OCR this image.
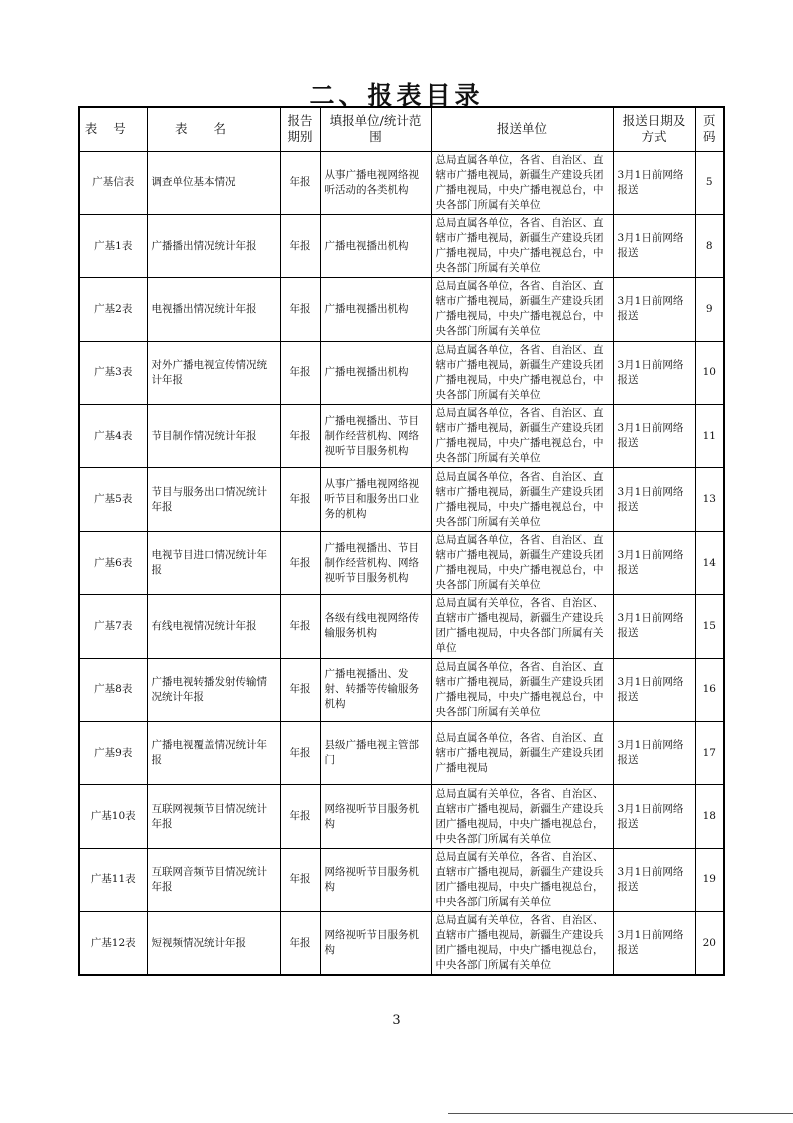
二、报表目录
表号	表名	报告期别	填报单位/统计范围	报送单位	报送日期及方式	页码
广基信表	调查单位基本情况	年报	从事广播电视网络视听活动的各类机构	总局直属各单位，各省、自治区、直辖市广播电视局，新疆生产建设兵团广播电视局，中央广播电视总台，中央各部门所属有关单位	3月1日前网络报送	5
广基1表	广播播出情况统计年报	年报	广播电视播出机构	总局直属各单位，各省、自治区、直辖市广播电视局，新疆生产建设兵团广播电视局，中央广播电视总台，中央各部门所属有关单位	3月1日前网络报送	8
广基2表	电视播出情况统计年报	年报	广播电视播出机构	总局直属各单位，各省、自治区、直辖市广播电视局，新疆生产建设兵团广播电视局，中央广播电视总台，中央各部门所属有关单位	3月1日前网络报送	9
广基3表	对外广播电视宣传情况统计年报	年报	广播电视播出机构	总局直属各单位，各省、自治区、直辖市广播电视局，新疆生产建设兵团广播电视局，中央广播电视总台，中央各部门所属有关单位	3月1日前网络报送	10
广基4表	节目制作情况统计年报	年报	广播电视播出、节目制作经营机构、网络视听节目服务机构	总局直属各单位，各省、自治区、直辖市广播电视局，新疆生产建设兵团广播电视局，中央广播电视总台，中央各部门所属有关单位	3月1日前网络报送	11
广基5表	节目与服务出口情况统计年报	年报	从事广播电视网络视听节目和服务出口业务的机构	总局直属各单位，各省、自治区、直辖市广播电视局，新疆生产建设兵团广播电视局，中央广播电视总台，中央各部门所属有关单位	3月1日前网络报送	13
广基6表	电视节目进口情况统计年报	年报	广播电视播出、节目制作经营机构、网络视听节目服务机构	总局直属各单位，各省、自治区、直辖市广播电视局，新疆生产建设兵团广播电视局，中央广播电视总台，中央各部门所属有关单位	3月1日前网络报送	14
广基7表	有线电视情况统计年报	年报	各级有线电视网络传输服务机构	总局直属有关单位，各省、自治区、直辖市广播电视局，新疆生产建设兵团广播电视局，中央各部门所属有关单位	3月1日前网络报送	15
广基8表	广播电视转播发射传输情况统计年报	年报	广播电视播出、发射、转播等传输服务机构	总局直属各单位，各省、自治区、直辖市广播电视局，新疆生产建设兵团广播电视局，中央广播电视总台，中央各部门所属有关单位	3月1日前网络报送	16
广基9表	广播电视覆盖情况统计年报	年报	县级广播电视主管部门	总局直属各单位，各省、自治区、直辖市广播电视局，新疆生产建设兵团广播电视局	3月1日前网络报送	17
广基10表	互联网视频节目情况统计年报	年报	网络视听节目服务机构	总局直属有关单位，各省、自治区、直辖市广播电视局，新疆生产建设兵团广播电视局，中央广播电视总台，中央各部门所属有关单位	3月1日前网络报送	18
广基11表	互联网音频节目情况统计年报	年报	网络视听节目服务机构	总局直属有关单位，各省、自治区、直辖市广播电视局，新疆生产建设兵团广播电视局，中央广播电视总台，中央各部门所属有关单位	3月1日前网络报送	19
广基12表	短视频情况统计年报	年报	网络视听节目服务机构	总局直属有关单位，各省、自治区、直辖市广播电视局，新疆生产建设兵团广播电视局，中央广播电视总台，中央各部门所属有关单位	3月1日前网络报送	20
3
